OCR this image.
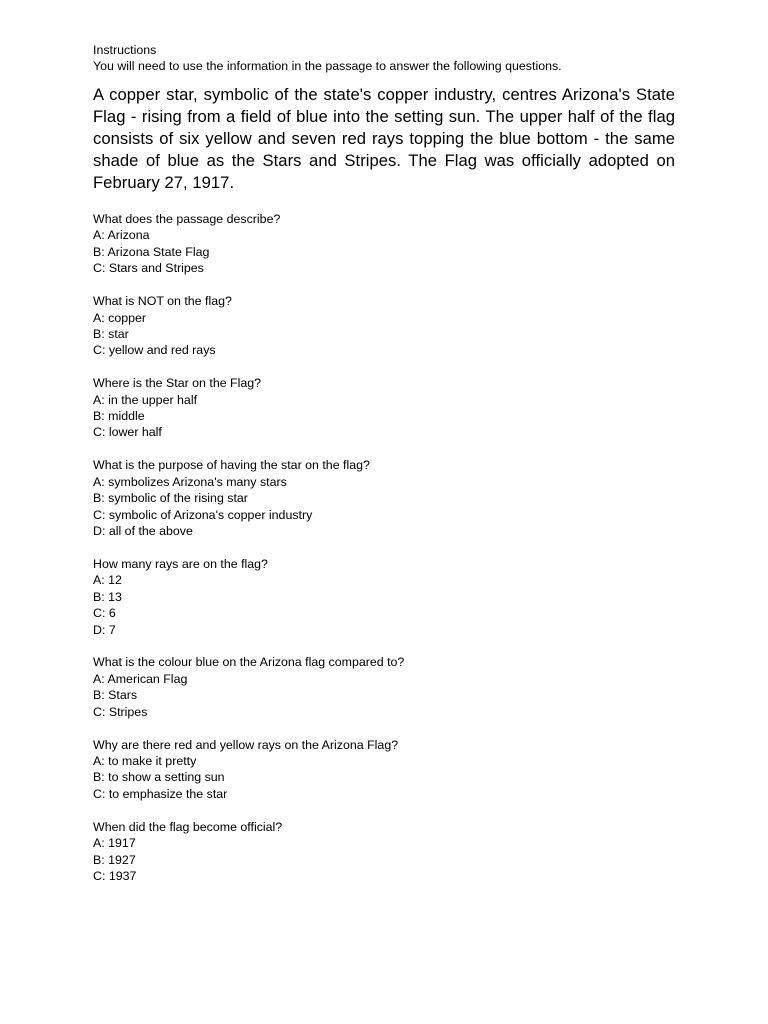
Instructions
You will need to use the information in the passage to answer the following questions.

A copper star, symbolic of the state's copper industry, centres Arizona's State Flag - rising from a field of blue into the setting sun. The upper half of the flag consists of six yellow and seven red rays topping the blue bottom - the same shade of blue as the Stars and Stripes. The Flag was officially adopted on February 27, 1917.

What does the passage describe?
A: Arizona
B: Arizona State Flag
C: Stars and Stripes
What is NOT on the flag?
A: copper
B: star
C: yellow and red rays
Where is the Star on the Flag?
A: in the upper half
B: middle
C: lower half
What is the purpose of having the star on the flag?
A: symbolizes Arizona's many stars
B: symbolic of the rising star
C: symbolic of Arizona's copper industry
D: all of the above
How many rays are on the flag?
A: 12
B: 13
C: 6
D: 7
What is the colour blue on the Arizona flag compared to?
A: American Flag
B: Stars
C: Stripes
Why are there red and yellow rays on the Arizona Flag?
A: to make it pretty
B: to show a setting sun
C: to emphasize the star
When did the flag become official?
A: 1917
B: 1927
C: 1937
